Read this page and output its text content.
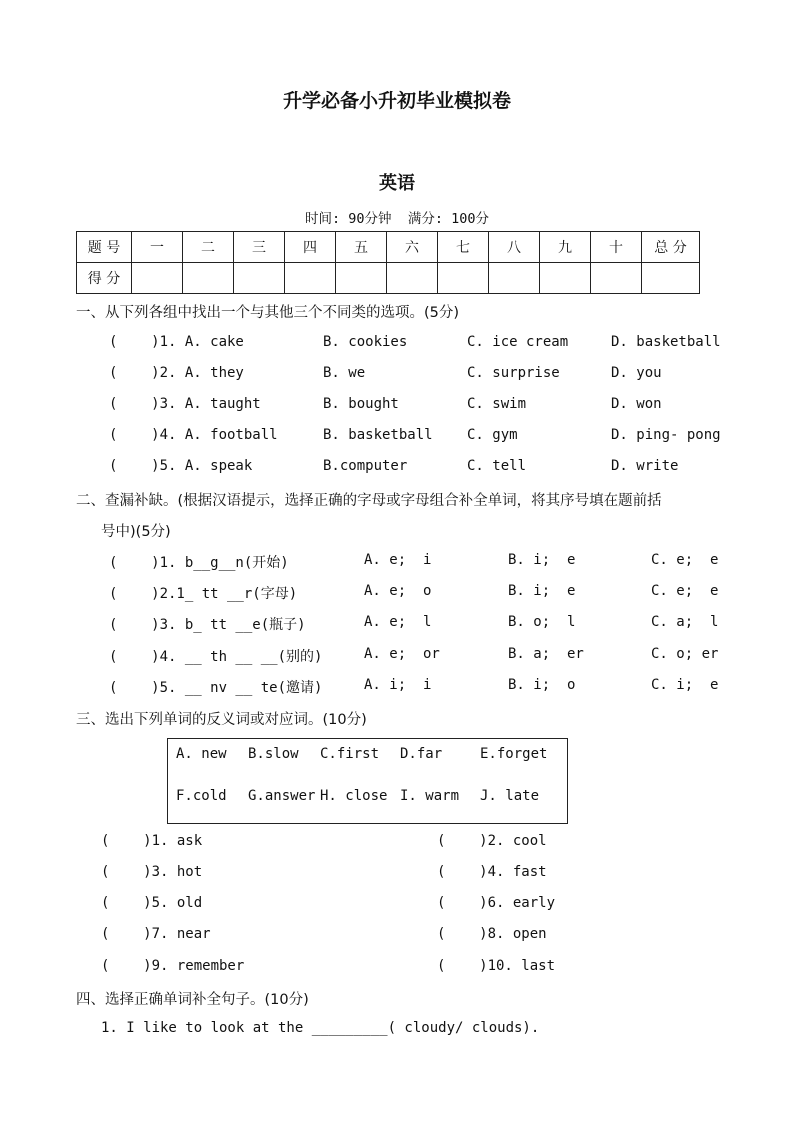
升学必备小升初毕业模拟卷
英语
时间: 90分钟  满分: 100分
题 号	一	二	三	四	五	六	七	八	九	十	总 分
得 分											
一、从下列各组中找出一个与其他三个不同类的选项。(5分)
(    )1. A. cake	B. cookies	C. ice cream	D. basketball
(    )2. A. they	B. we	C. surprise	D. you
(    )3. A. taught	B. bought	C. swim	D. won
(    )4. A. football	B. basketball C. gym	D. ping- pong
(    )5. A. speak	B.computer	C. tell	D. write
二、查漏补缺。(根据汉语提示，选择正确的字母或字母组合补全单词，将其序号填在题前括
号中)(5分)
(    )1. b__g__n(开始)	A. e;  i	B. i;  e	C. e;  e
(    )2.1_ tt __r(字母)	A. e;  o	B. i;  e	C. e;  e
(    )3. b_ tt __e(瓶子)	A. e;  l	B. o;  l	C. a;  l
(    )4. __ th __ __(别的)	A. e;  or	B. a;  er	C. o; er
(    )5. __ nv __ te(邀请)	A. i;  i	B. i;  o	C. i;  e
三、选出下列单词的反义词或对应词。(10分)
A. new B.slow C.first D.far	E.forget
F.cold G.answer H. close I. warm J. late
(    )1. ask	(    )2. cool
(    )3. hot	(    )4. fast
(    )5. old	(    )6. early
(    )7. near	(    )8. open
(    )9. remember	(    )10. last
四、选择正确单词补全句子。(10分)
1. I like to look at the _________( cloudy/ clouds).
